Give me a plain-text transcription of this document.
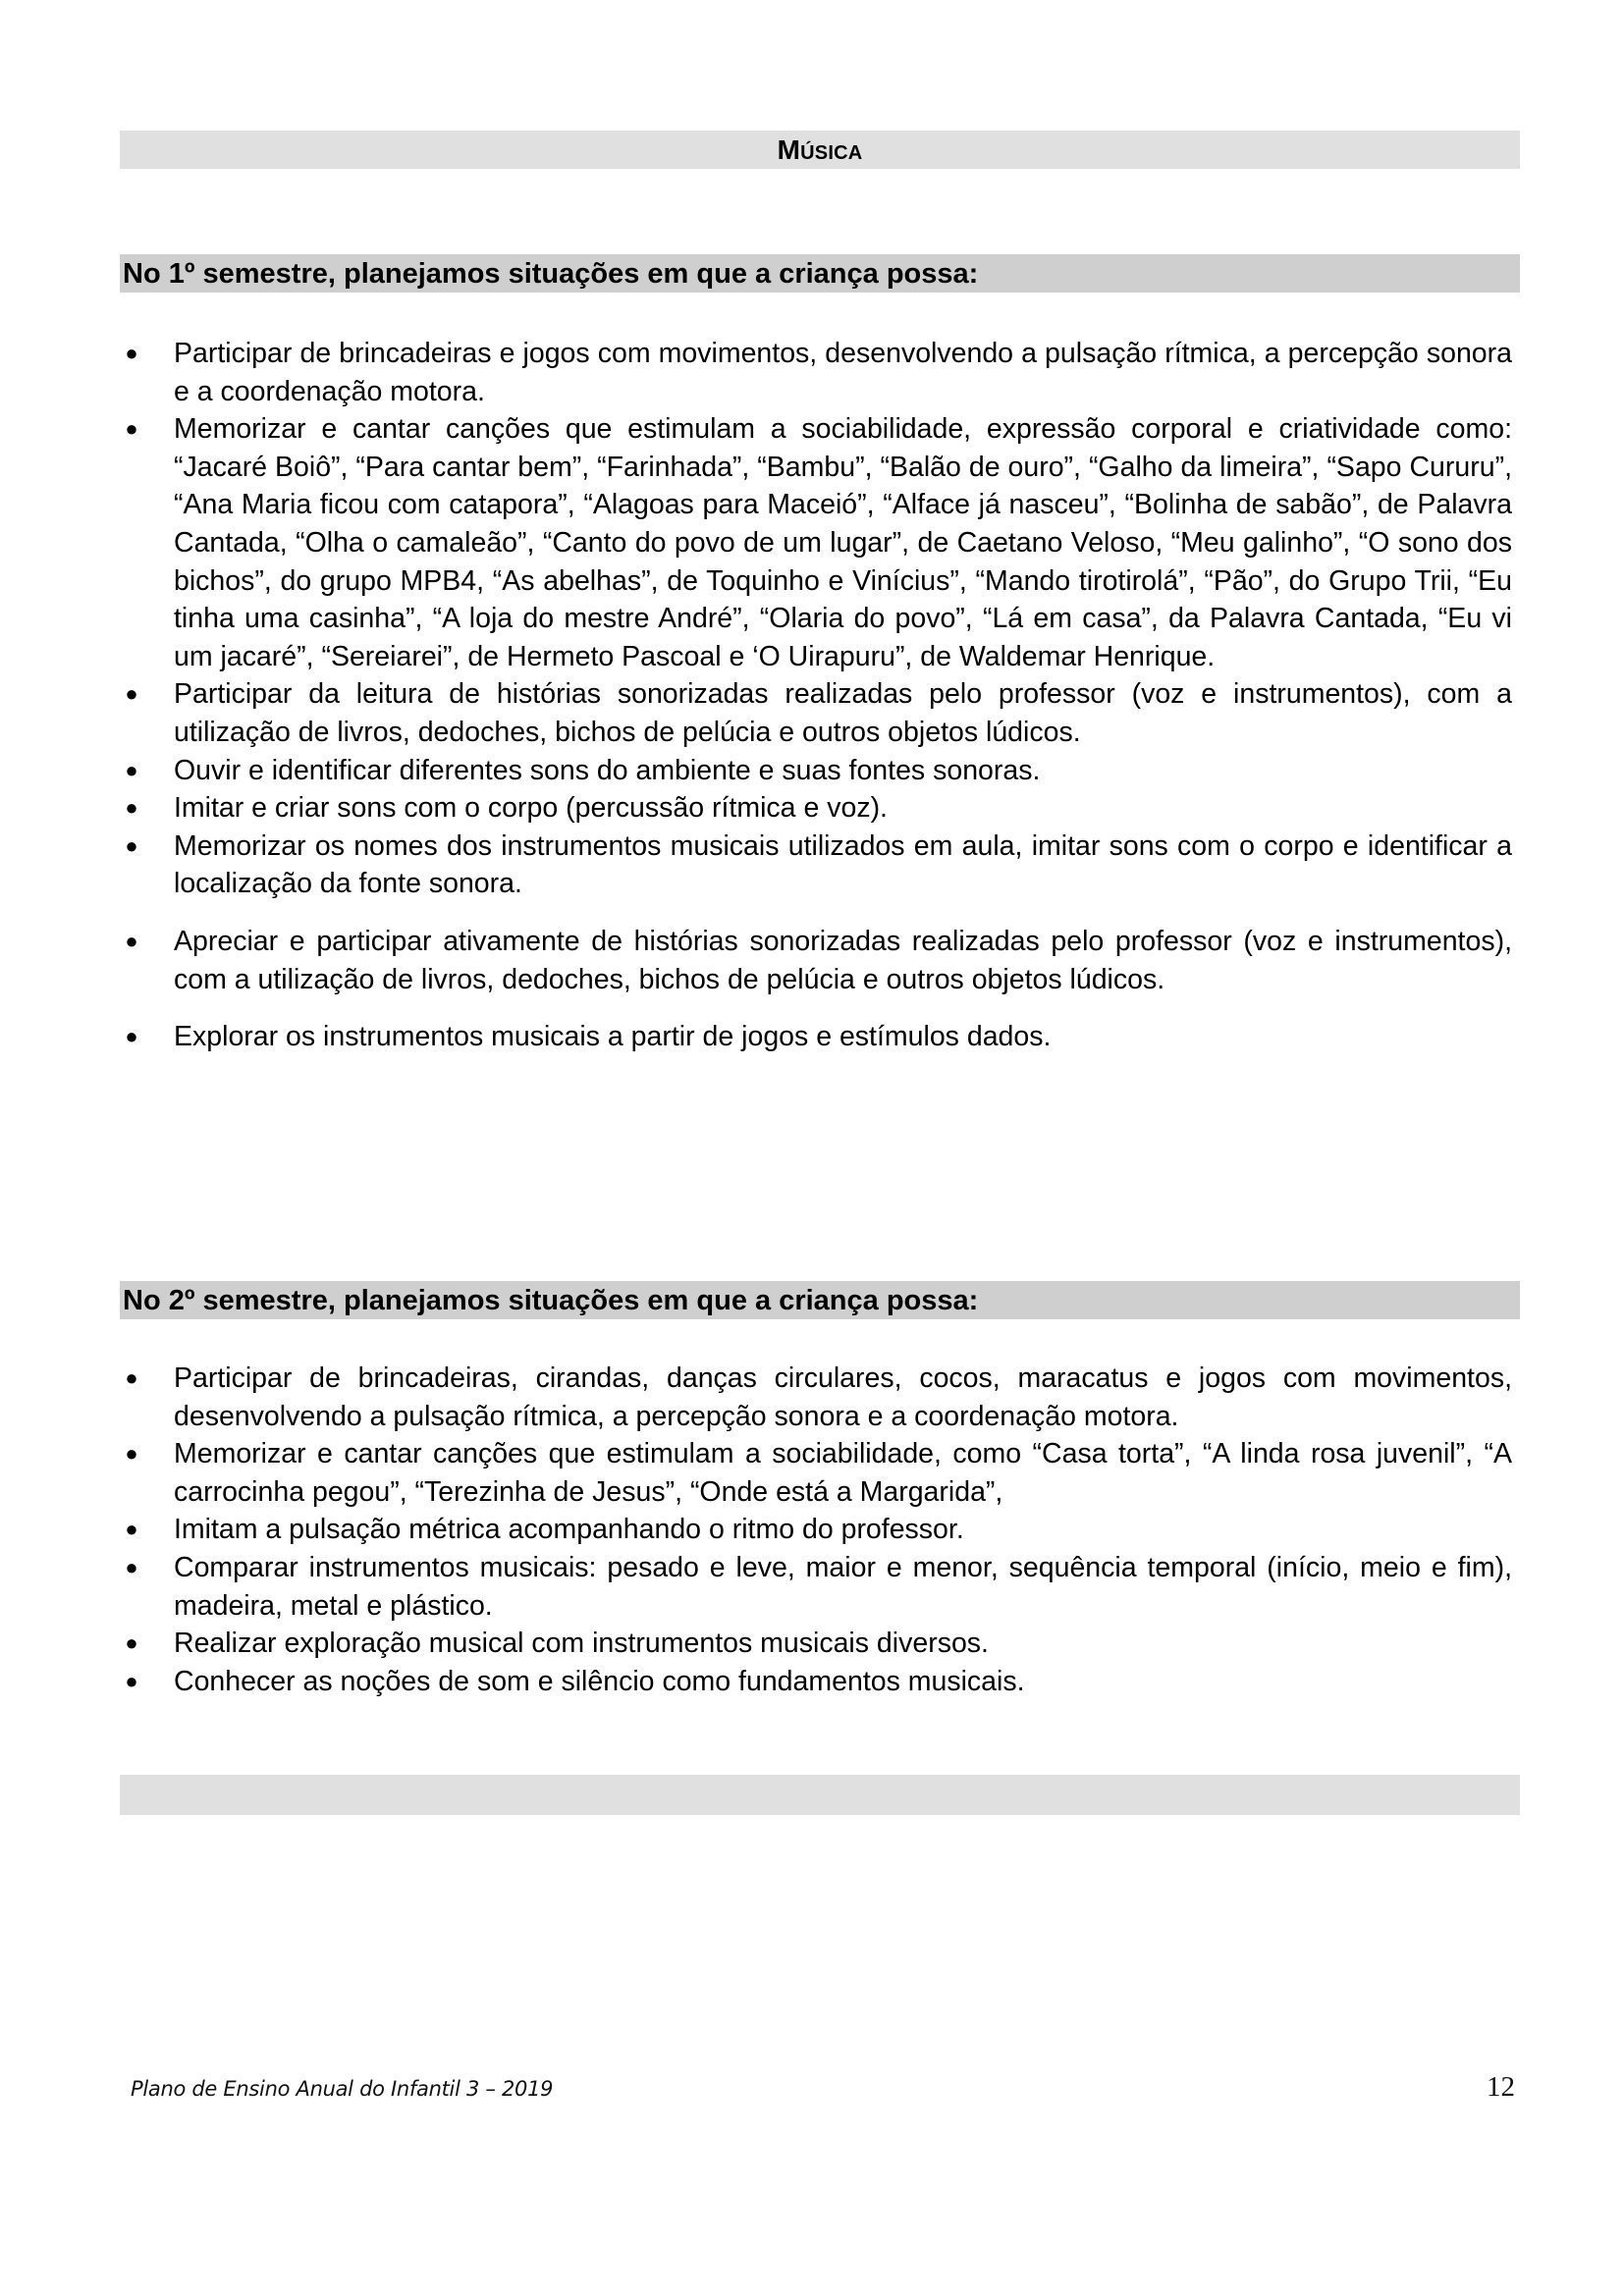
Música
No 1º semestre, planejamos situações em que a criança possa:
● Participar de brincadeiras e jogos com movimentos, desenvolvendo a pulsação rítmica, a percepção sonora e a coordenação motora.
● Memorizar e cantar canções que estimulam a sociabilidade, expressão corporal e criatividade como: “Jacaré Boiô”, “Para cantar bem”, “Farinhada”, “Bambu”, “Balão de ouro”, “Galho da limeira”, “Sapo Cururu”, “Ana Maria ficou com catapora”, “Alagoas para Maceió”, “Alface já nasceu”, “Bolinha de sabão”, de Palavra Cantada, “Olha o camaleão”, “Canto do povo de um lugar”, de Caetano Veloso, “Meu galinho”, “O sono dos bichos”, do grupo MPB4, “As abelhas”, de Toquinho e Vinícius”, “Mando tirotirolá”, “Pão”, do Grupo Trii, “Eu tinha uma casinha”, “A loja do mestre André”, “Olaria do povo”, “Lá em casa”, da Palavra Cantada, “Eu vi um jacaré”, “Sereiarei”, de Hermeto Pascoal e ‘O Uirapuru”, de Waldemar Henrique.
● Participar da leitura de histórias sonorizadas realizadas pelo professor (voz e instrumentos), com a utilização de livros, dedoches, bichos de pelúcia e outros objetos lúdicos.
● Ouvir e identificar diferentes sons do ambiente e suas fontes sonoras.
● Imitar e criar sons com o corpo (percussão rítmica e voz).
● Memorizar os nomes dos instrumentos musicais utilizados em aula, imitar sons com o corpo e identificar a localização da fonte sonora.
● Apreciar e participar ativamente de histórias sonorizadas realizadas pelo professor (voz e instrumentos), com a utilização de livros, dedoches, bichos de pelúcia e outros objetos lúdicos.
● Explorar os instrumentos musicais a partir de jogos e estímulos dados.
No 2º semestre, planejamos situações em que a criança possa:
● Participar de brincadeiras, cirandas, danças circulares, cocos, maracatus e jogos com movimentos, desenvolvendo a pulsação rítmica, a percepção sonora e a coordenação motora.
● Memorizar e cantar canções que estimulam a sociabilidade, como “Casa torta”, “A linda rosa juvenil”, “A carrocinha pegou”, “Terezinha de Jesus”, “Onde está a Margarida”,
● Imitam a pulsação métrica acompanhando o ritmo do professor.
● Comparar instrumentos musicais: pesado e leve, maior e menor, sequência temporal (início, meio e fim), madeira, metal e plástico.
● Realizar exploração musical com instrumentos musicais diversos.
● Conhecer as noções de som e silêncio como fundamentos musicais.
Plano de Ensino Anual do Infantil 3 – 2019	12
